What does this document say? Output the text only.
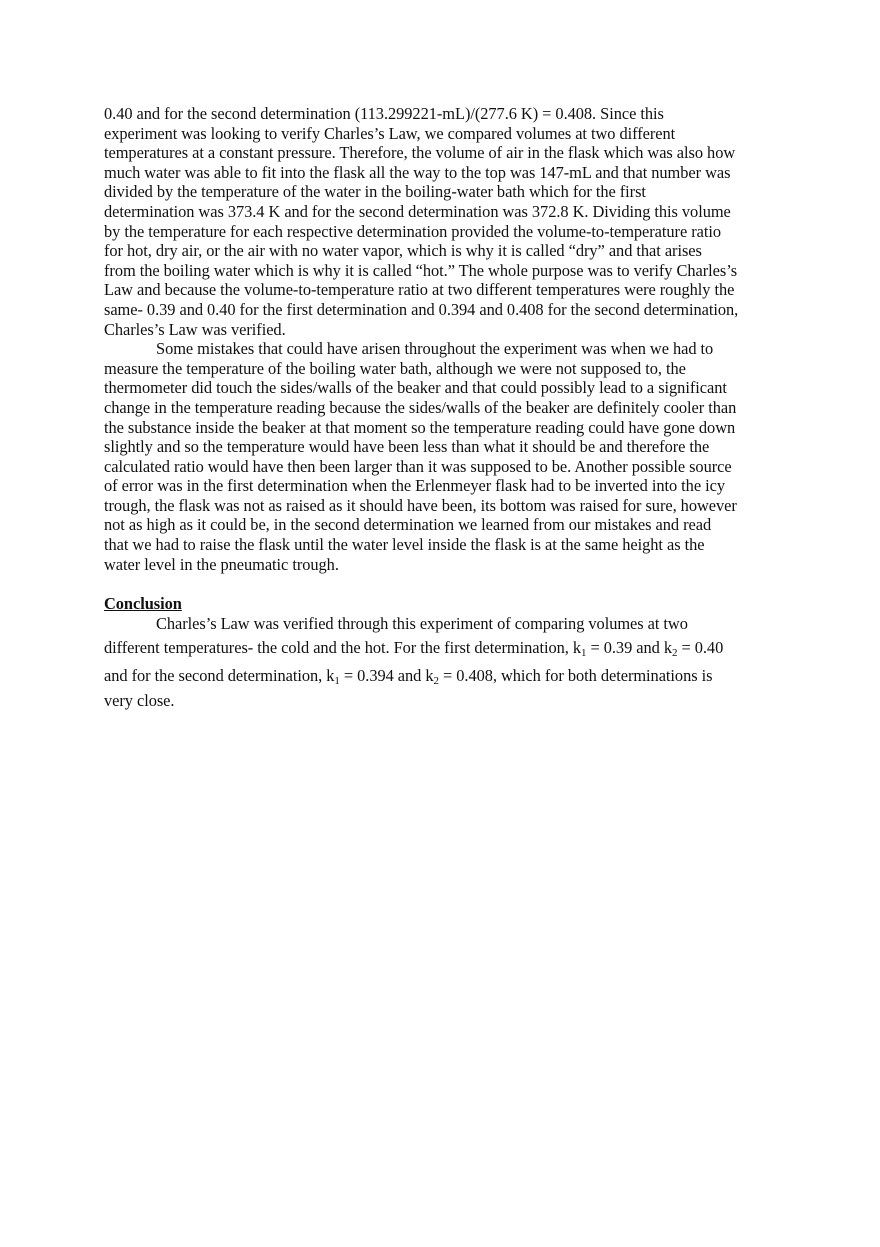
0.40 and for the second determination (113.299221-mL)/(277.6 K) = 0.408. Since this
experiment was looking to verify Charles’s Law, we compared volumes at two different
temperatures at a constant pressure. Therefore, the volume of air in the flask which was also how
much water was able to fit into the flask all the way to the top was 147-mL and that number was
divided by the temperature of the water in the boiling-water bath which for the first
determination was 373.4 K and for the second determination was 372.8 K. Dividing this volume
by the temperature for each respective determination provided the volume-to-temperature ratio
for hot, dry air, or the air with no water vapor, which is why it is called “dry” and that arises
from the boiling water which is why it is called “hot.” The whole purpose was to verify Charles’s
Law and because the volume-to-temperature ratio at two different temperatures were roughly the
same- 0.39 and 0.40 for the first determination and 0.394 and 0.408 for the second determination,
Charles’s Law was verified.
Some mistakes that could have arisen throughout the experiment was when we had to
measure the temperature of the boiling water bath, although we were not supposed to, the
thermometer did touch the sides/walls of the beaker and that could possibly lead to a significant
change in the temperature reading because the sides/walls of the beaker are definitely cooler than
the substance inside the beaker at that moment so the temperature reading could have gone down
slightly and so the temperature would have been less than what it should be and therefore the
calculated ratio would have then been larger than it was supposed to be. Another possible source
of error was in the first determination when the Erlenmeyer flask had to be inverted into the icy
trough, the flask was not as raised as it should have been, its bottom was raised for sure, however
not as high as it could be, in the second determination we learned from our mistakes and read
that we had to raise the flask until the water level inside the flask is at the same height as the
water level in the pneumatic trough.
Conclusion
Charles’s Law was verified through this experiment of comparing volumes at two
different temperatures- the cold and the hot. For the first determination, $k_1 = 0.39$ and $k_2 = 0.40$
and for the second determination, $k_1 = 0.394$ and $k_2 = 0.408$, which for both determinations is
very close.
